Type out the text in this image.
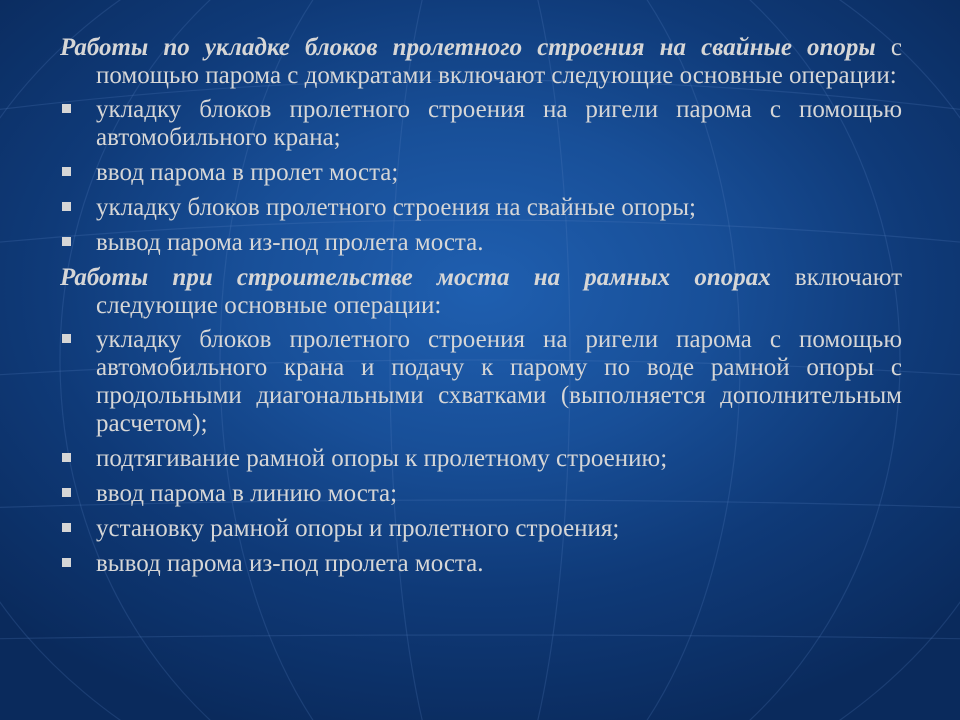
Работы по укладке блоков пролетного строения на свайные опоры с помощью парома с домкратами включают следующие основные операции:

укладку блоков пролетного строения на ригели парома с помощью автомобильного крана;
ввод парома в пролет моста;
укладку блоков пролетного строения на свайные опоры;
вывод парома из-под пролета моста.

Работы при строительстве моста на рамных опорах включают следующие основные операции:

укладку блоков пролетного строения на ригели парома с помощью автомобильного крана и подачу к парому по воде рамной опоры с продольными диагональными схватками (выполняется дополнительным расчетом);
подтягивание рамной опоры к пролетному строению;
ввод парома в линию моста;
установку рамной опоры и пролетного строения;
вывод парома из-под пролета моста.
